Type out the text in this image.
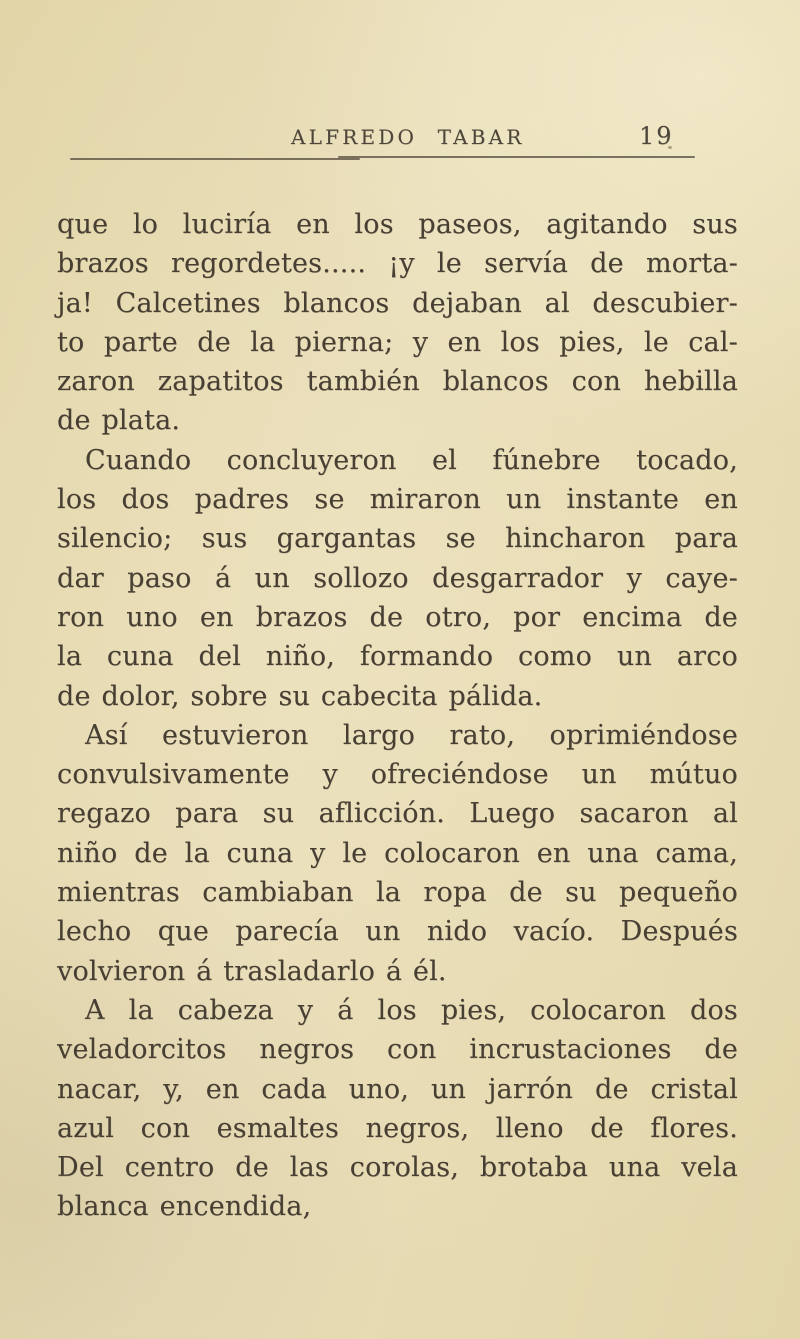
ALFREDO TABAR	19
que lo luciría en los paseos, agitando sus
brazos regordetes..... ¡y le servía de morta-
ja! Calcetines blancos dejaban al descubier-
to parte de la pierna; y en los pies, le cal-
zaron zapatitos también blancos con hebilla
de plata.
Cuando concluyeron el fúnebre tocado,
los dos padres se miraron un instante en
silencio; sus gargantas se hincharon para
dar paso á un sollozo desgarrador y caye-
ron uno en brazos de otro, por encima de
la cuna del niño, formando como un arco
de dolor, sobre su cabecita pálida.
Así estuvieron largo rato, oprimiéndose
convulsivamente y ofreciéndose un mútuo
regazo para su aflicción. Luego sacaron al
niño de la cuna y le colocaron en una cama,
mientras cambiaban la ropa de su pequeño
lecho que parecía un nido vacío. Después
volvieron á trasladarlo á él.
A la cabeza y á los pies, colocaron dos
veladorcitos negros con incrustaciones de
nacar, y, en cada uno, un jarrón de cristal
azul con esmaltes negros, lleno de flores.
Del centro de las corolas, brotaba una vela
blanca encendida,
